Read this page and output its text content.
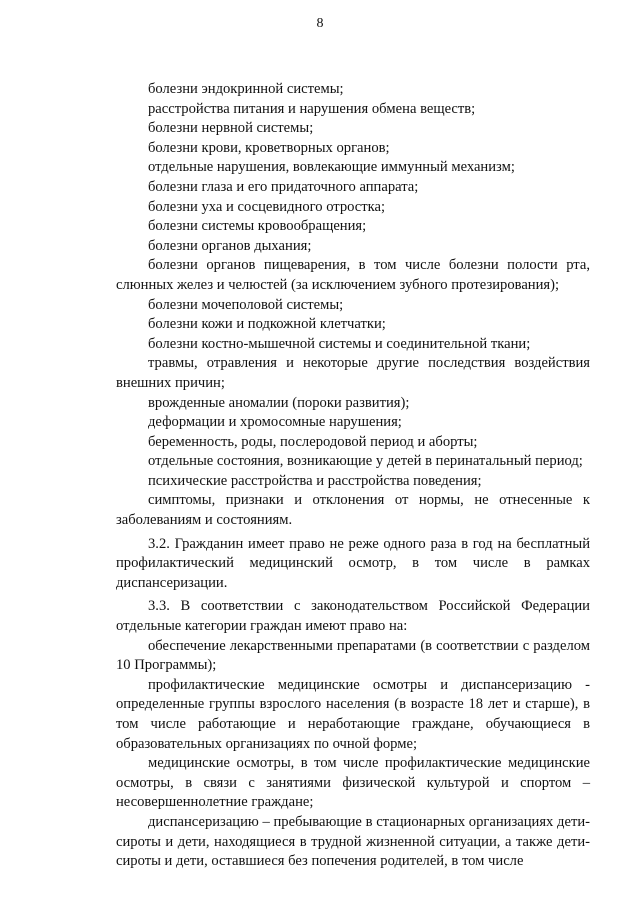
8

болезни эндокринной системы;

расстройства питания и нарушения обмена веществ;

болезни нервной системы;

болезни крови, кроветворных органов;

отдельные нарушения, вовлекающие иммунный механизм;

болезни глаза и его придаточного аппарата;

болезни уха и сосцевидного отростка;

болезни системы кровообращения;

болезни органов дыхания;

болезни органов пищеварения, в том числе болезни полости рта, слюнных желез и челюстей (за исключением зубного протезирования);

болезни мочеполовой системы;

болезни кожи и подкожной клетчатки;

болезни костно-мышечной системы и соединительной ткани;

травмы, отравления и некоторые другие последствия воздействия внешних причин;

врожденные аномалии (пороки развития);

деформации и хромосомные нарушения;

беременность, роды, послеродовой период и аборты;

отдельные состояния, возникающие у детей в перинатальный период;

психические расстройства и расстройства поведения;

симптомы, признаки и отклонения от нормы, не отнесенные к заболеваниям и состояниям.

3.2. Гражданин имеет право не реже одного раза в год на бесплатный профилактический медицинский осмотр, в том числе в рамках диспансеризации.

3.3. В соответствии с законодательством Российской Федерации отдельные категории граждан имеют право на:

обеспечение лекарственными препаратами (в соответствии с разделом 10 Программы);

профилактические медицинские осмотры и диспансеризацию - определенные группы взрослого населения (в возрасте 18 лет и старше), в том числе работающие и неработающие граждане, обучающиеся в образовательных организациях по очной форме;

медицинские осмотры, в том числе профилактические медицинские осмотры, в связи с занятиями физической культурой и спортом – несовершеннолетние граждане;

диспансеризацию – пребывающие в стационарных организациях дети-сироты и дети, находящиеся в трудной жизненной ситуации, а также дети-сироты и дети, оставшиеся без попечения родителей, в том числе
